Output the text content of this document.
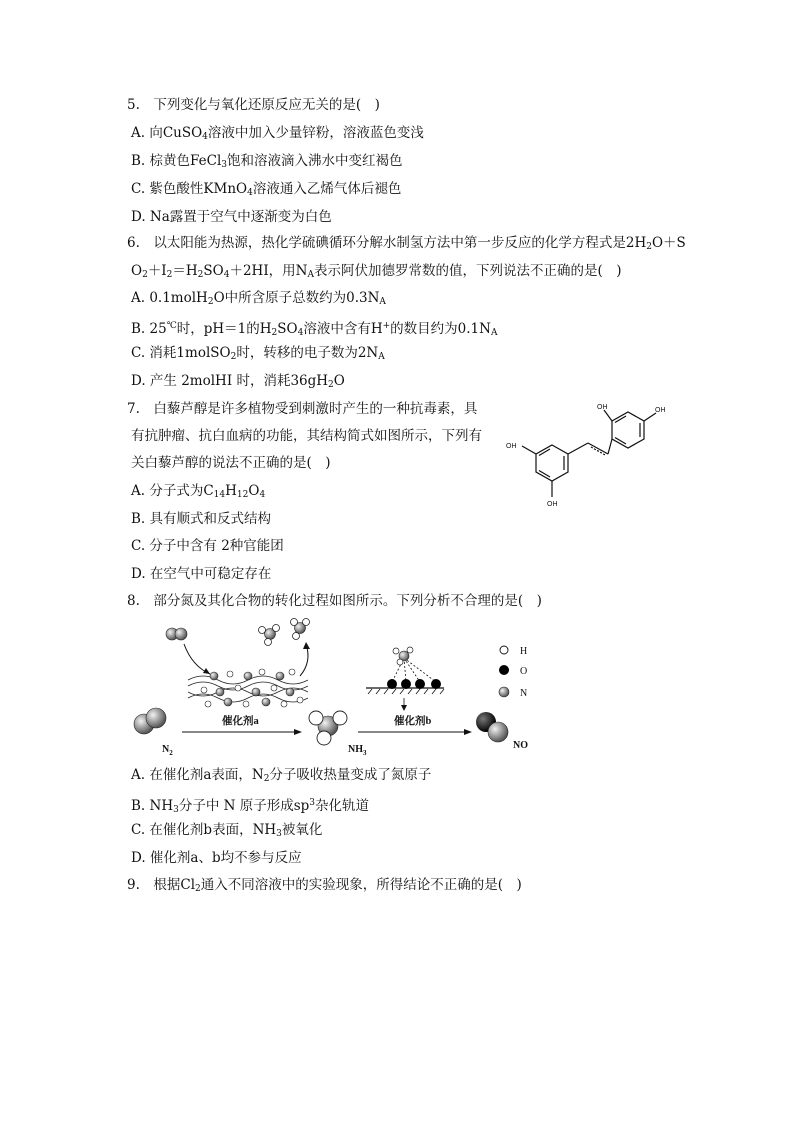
5.　下列变化与氧化还原反应无关的是(　)
A. 向CuSO$_4$溶液中加入少量锌粉，溶液蓝色变浅
B. 棕黄色FeCl$_3$饱和溶液滴入沸水中变红褐色
C. 紫色酸性KMnO$_4$溶液通入乙烯气体后褪色
D. Na露置于空气中逐渐变为白色
6.　以太阳能为热源，热化学硫碘循环分解水制氢方法中第一步反应的化学方程式是$2H_2O+S$
$O_2+I_2=H_2SO_4+2HI$，用$N_A$表示阿伏加德罗常数的值，下列说法不正确的是(　)
A. 0.1molH$_2$O中所含原子总数约为$0.3N_A$
B. 25℃时，pH＝1的$H_2SO_4$溶液中含有H+的数目约为$0.1N_A$
C. 消耗1molSO$_2$时，转移的电子数为$2N_A$
D. 产生 2molHI 时，消耗$36gH_2O$
7.　白藜芦醇是许多植物受到刺激时产生的一种抗毒素，具
有抗肿瘤、抗白血病的功能，其结构简式如图所示，下列有
关白藜芦醇的说法不正确的是(　)
A. 分子式为$C_{14}H_{12}O_4$
B. 具有顺式和反式结构
C. 分子中含有 2种官能团
D. 在空气中可稳定存在
OH
OH
OH	OH
8.　部分氮及其化合物的转化过程如图所示。下列分析不合理的是(　)
H
O
N
$N_2$
催化剂a
$NH_3$
催化剂b
NO
A. 在催化剂a表面，$N_2$分子吸收热量变成了氮原子
B. $NH_3$分子中 N 原子形成$sp^3$杂化轨道
C. 在催化剂b表面，$NH_3$被氧化
D. 催化剂a、b均不参与反应
9.　根据$Cl_2$通入不同溶液中的实验现象，所得结论不正确的是(　)
